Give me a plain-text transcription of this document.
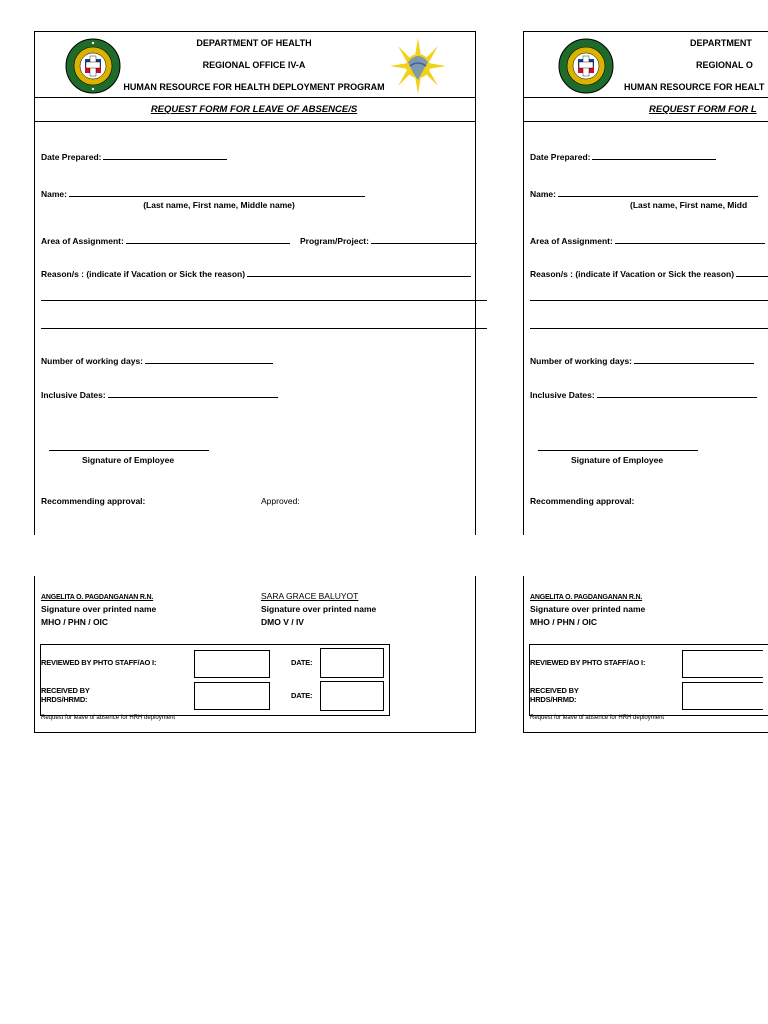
DEPARTMENT OF HEALTH
REGIONAL OFFICE IV-A
HUMAN RESOURCE FOR HEALTH DEPLOYMENT PROGRAM
REQUEST FORM FOR LEAVE OF ABSENCE/S
Date Prepared:
Name:
(Last name, First name, Middle name)
Area of Assignment:	Program/Project:
Reason/s : (indicate if Vacation or Sick the reason)
Number of working days:
Inclusive Dates:
Signature of Employee
Recommending approval:	Approved:
ANGELITA O. PAGDANGANAN R.N.
Signature over printed name
MHO / PHN / OIC
SARA GRACE BALUYOT
Signature over printed name
DMO V / IV
REVIEWED BY PHTO STAFF/AO I:	DATE:
RECEIVED BY
HRDS/HRMD:	DATE:
Request for leave of absence for HRH deployment
DEPARTMENT
REGIONAL O
HUMAN RESOURCE FOR HEALT
REQUEST FORM FOR L
Date Prepared:
Name:
(Last name, First name, Midd
Area of Assignment:
Reason/s : (indicate if Vacation or Sick the reason)
Number of working days:
Inclusive Dates:
Signature of Employee
Recommending approval:
ANGELITA O. PAGDANGANAN R.N.
Signature over printed name
MHO / PHN / OIC
REVIEWED BY PHTO STAFF/AO I:
RECEIVED BY
HRDS/HRMD:
Request for leave of absence for HRH deployment
